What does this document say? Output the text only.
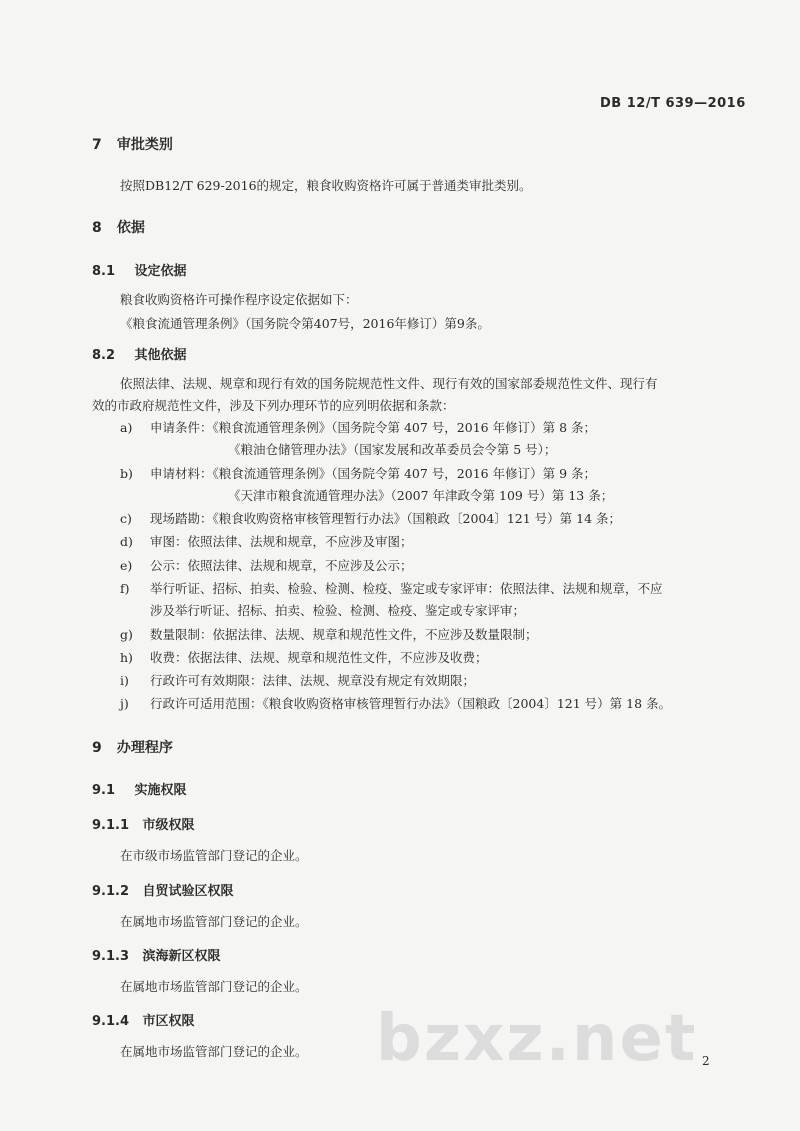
DB 12/T 639—2016
7 审批类别
按照DB12/T 629-2016的规定，粮食收购资格许可属于普通类审批类别。
8 依据
8.1 设定依据
粮食收购资格许可操作程序设定依据如下：
《粮食流通管理条例》（国务院令第407号，2016年修订）第9条。
8.2 其他依据
依照法律、法规、规章和现行有效的国务院规范性文件、现行有效的国家部委规范性文件、现行有
效的市政府规范性文件，涉及下列办理环节的应列明依据和条款：
a) 申请条件：《粮食流通管理条例》（国务院令第 407 号，2016 年修订）第 8 条；
《粮油仓储管理办法》（国家发展和改革委员会令第 5 号）；
b) 申请材料：《粮食流通管理条例》（国务院令第 407 号，2016 年修订）第 9 条；
《天津市粮食流通管理办法》（2007 年津政令第 109 号）第 13 条；
c) 现场踏勘：《粮食收购资格审核管理暂行办法》（国粮政〔2004〕121 号）第 14 条；
d) 审图：依照法律、法规和规章，不应涉及审图；
e) 公示：依照法律、法规和规章，不应涉及公示；
f) 举行听证、招标、拍卖、检验、检测、检疫、鉴定或专家评审：依照法律、法规和规章，不应
涉及举行听证、招标、拍卖、检验、检测、检疫、鉴定或专家评审；
g) 数量限制：依据法律、法规、规章和规范性文件，不应涉及数量限制；
h) 收费：依据法律、法规、规章和规范性文件，不应涉及收费；
i) 行政许可有效期限：法律、法规、规章没有规定有效期限；
j) 行政许可适用范围：《粮食收购资格审核管理暂行办法》（国粮政〔2004〕121 号）第 18 条。
9 办理程序
9.1 实施权限
9.1.1 市级权限
在市级市场监管部门登记的企业。
9.1.2 自贸试验区权限
在属地市场监管部门登记的企业。
9.1.3 滨海新区权限
在属地市场监管部门登记的企业。
9.1.4 市区权限
在属地市场监管部门登记的企业。 bzxz.net 2
